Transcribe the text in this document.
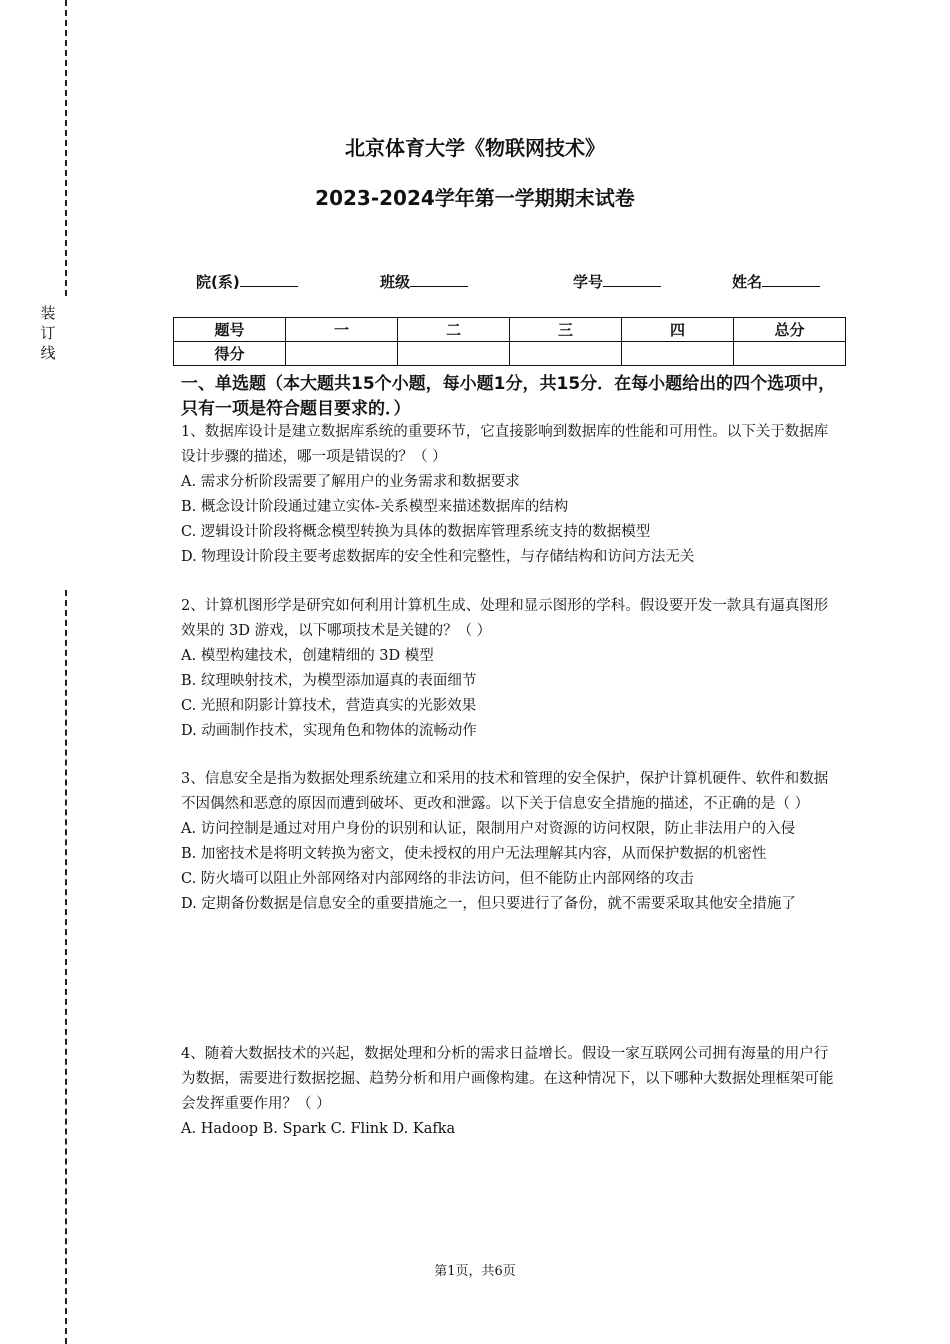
装
订
线
北京体育大学《物联网技术》
2023-2024学年第一学期期末试卷
院(系)	班级	学号	姓名
题号	一	二	三	四	总分
得分					
一、单选题（本大题共15个小题，每小题1分，共15分．在每小题给出的四个选项中，只有一项是符合题目要求的．）

1、数据库设计是建立数据库系统的重要环节，它直接影响到数据库的性能和可用性。以下关于数据库设计步骤的描述，哪一项是错误的？（ ）

A. 需求分析阶段需要了解用户的业务需求和数据要求

B. 概念设计阶段通过建立实体-关系模型来描述数据库的结构

C. 逻辑设计阶段将概念模型转换为具体的数据库管理系统支持的数据模型

D. 物理设计阶段主要考虑数据库的安全性和完整性，与存储结构和访问方法无关

2、计算机图形学是研究如何利用计算机生成、处理和显示图形的学科。假设要开发一款具有逼真图形效果的 3D 游戏，以下哪项技术是关键的？（ ）

A. 模型构建技术，创建精细的 3D 模型

B. 纹理映射技术，为模型添加逼真的表面细节

C. 光照和阴影计算技术，营造真实的光影效果

D. 动画制作技术，实现角色和物体的流畅动作

3、信息安全是指为数据处理系统建立和采用的技术和管理的安全保护，保护计算机硬件、软件和数据不因偶然和恶意的原因而遭到破坏、更改和泄露。以下关于信息安全措施的描述，不正确的是（ ）

A. 访问控制是通过对用户身份的识别和认证，限制用户对资源的访问权限，防止非法用户的入侵

B. 加密技术是将明文转换为密文，使未授权的用户无法理解其内容，从而保护数据的机密性

C. 防火墙可以阻止外部网络对内部网络的非法访问，但不能防止内部网络的攻击

D. 定期备份数据是信息安全的重要措施之一，但只要进行了备份，就不需要采取其他安全措施了

4、随着大数据技术的兴起，数据处理和分析的需求日益增长。假设一家互联网公司拥有海量的用户行为数据，需要进行数据挖掘、趋势分析和用户画像构建。在这种情况下，以下哪种大数据处理框架可能会发挥重要作用？（ ）

A. Hadoop B. Spark C. Flink D. Kafka

第1页，共6页
